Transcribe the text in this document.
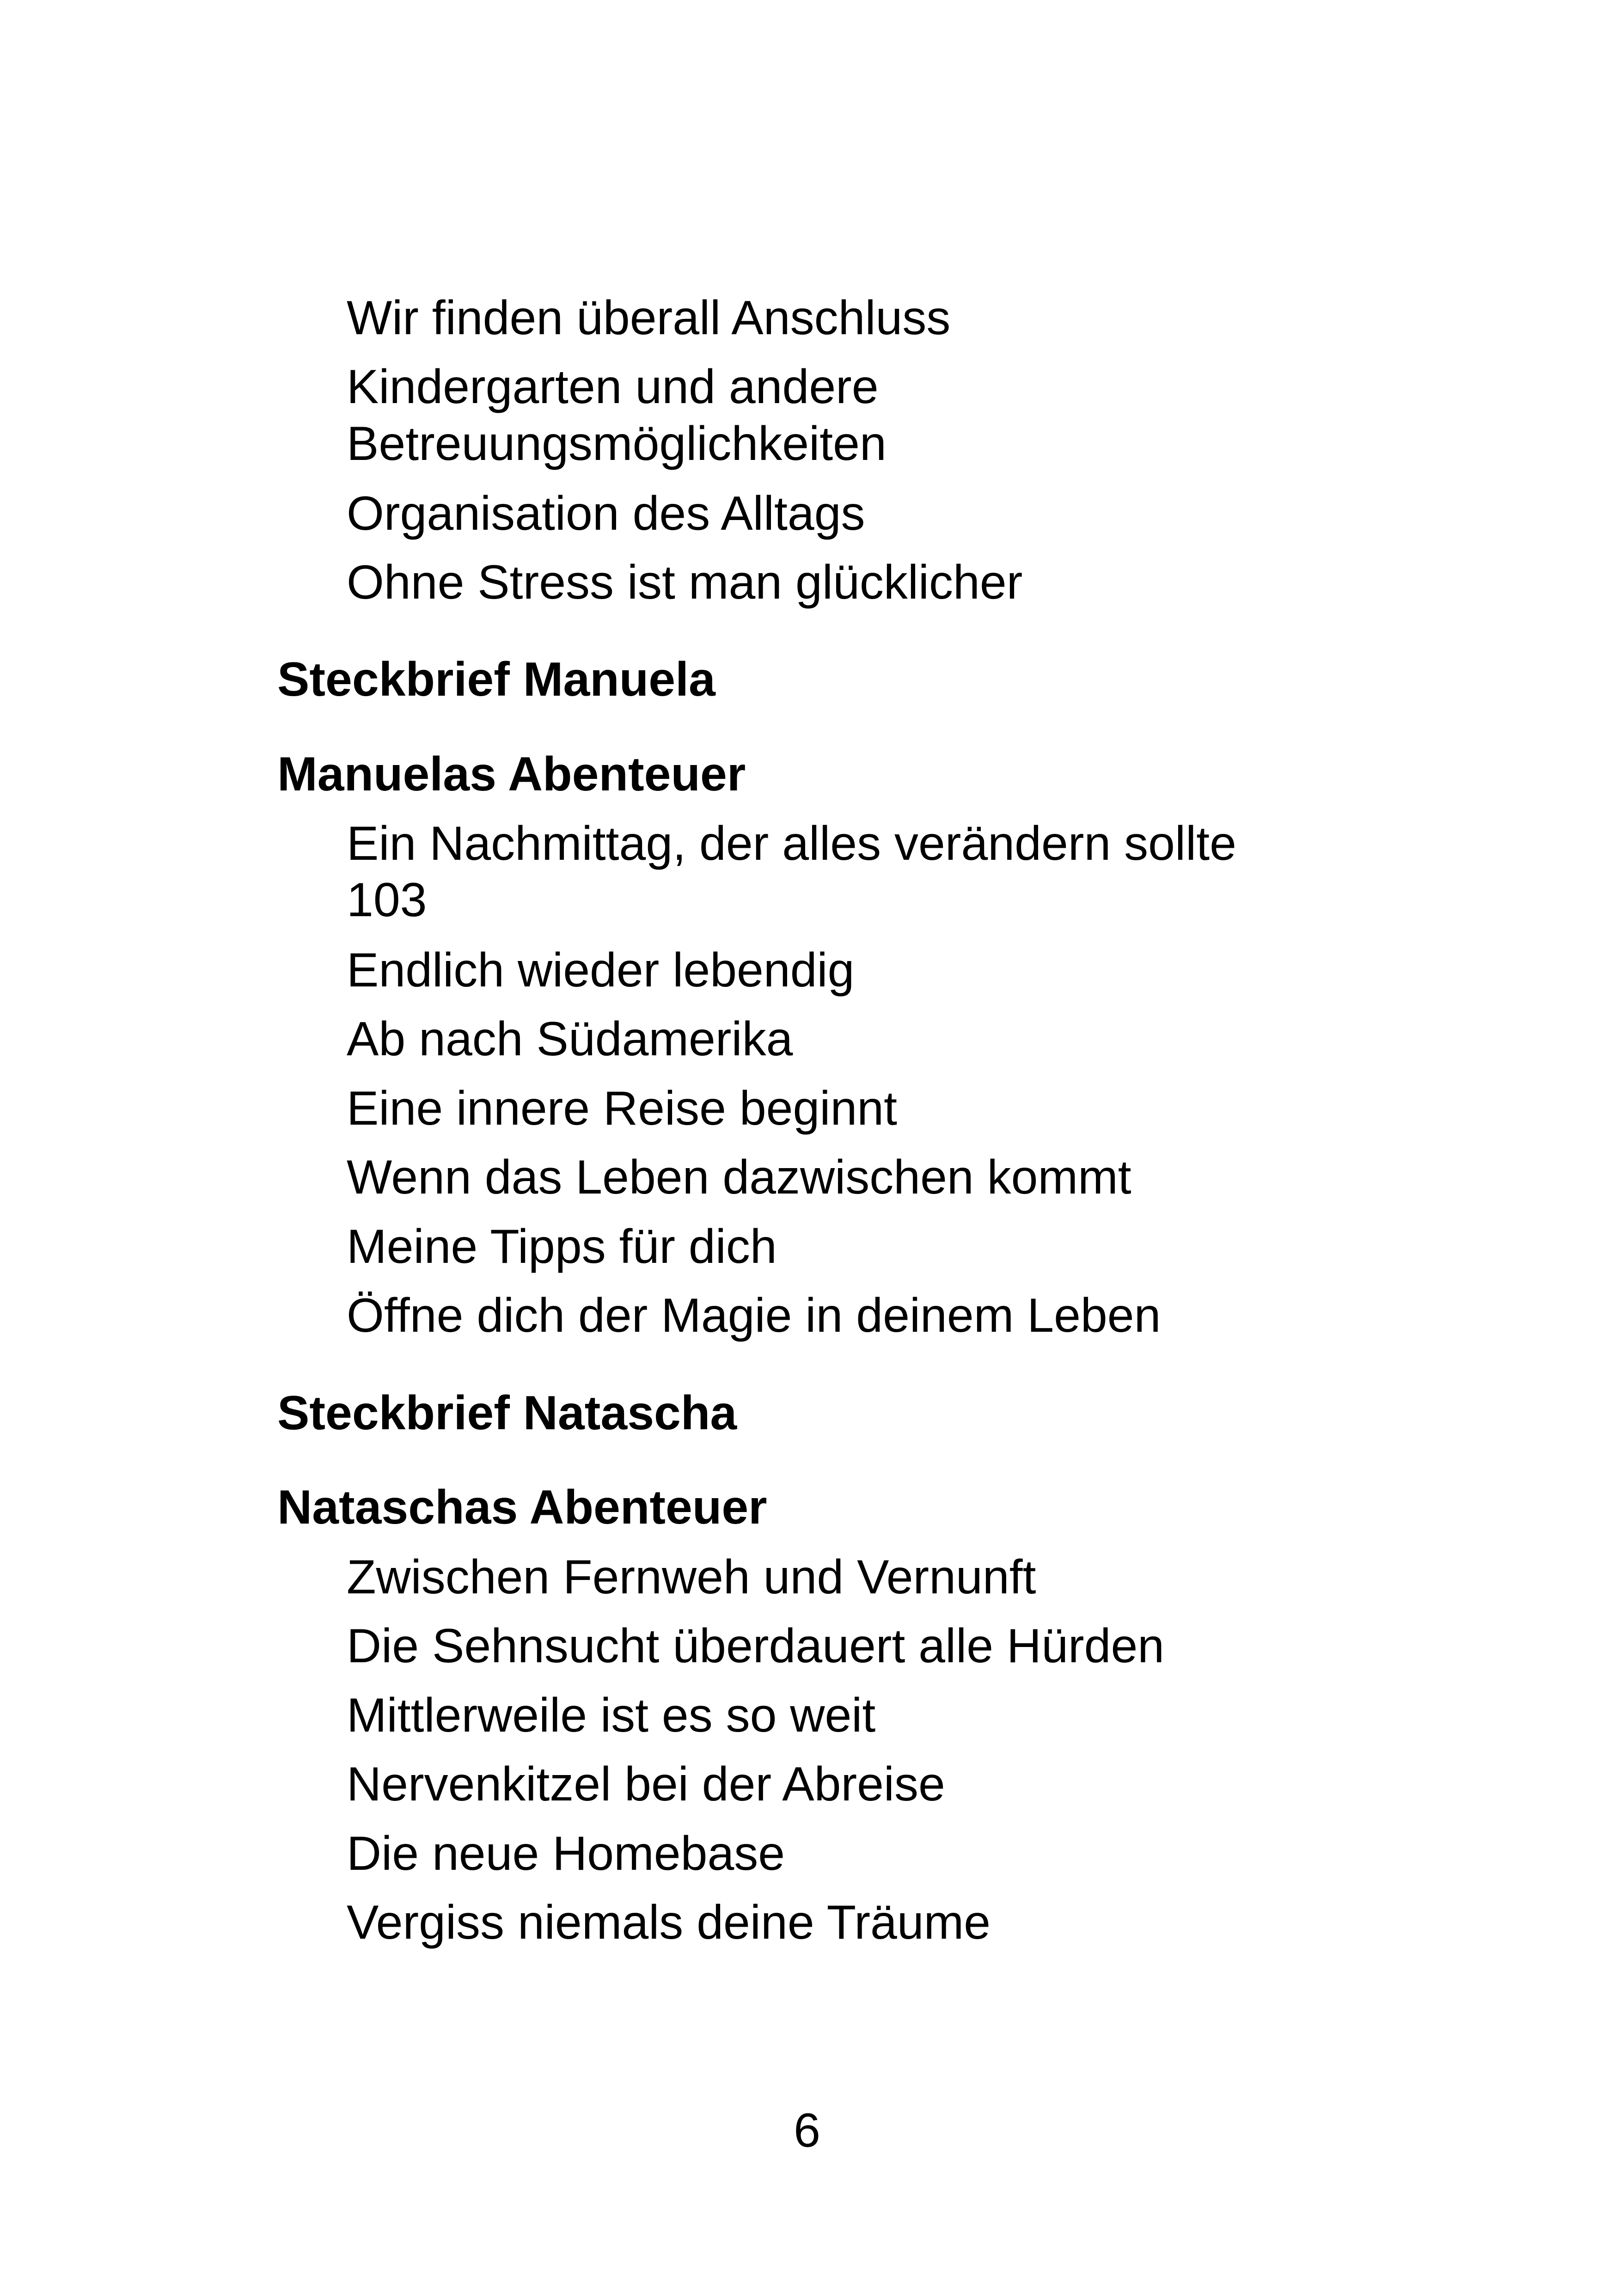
Wir finden überall Anschluss
Kindergarten und andere
Betreuungsmöglichkeiten
Organisation des Alltags
Ohne Stress ist man glücklicher
Steckbrief Manuela
Manuelas Abenteuer
Ein Nachmittag, der alles verändern sollte
103
Endlich wieder lebendig
Ab nach Südamerika
Eine innere Reise beginnt
Wenn das Leben dazwischen kommt
Meine Tipps für dich
Öffne dich der Magie in deinem Leben
Steckbrief Natascha
Nataschas Abenteuer
Zwischen Fernweh und Vernunft
Die Sehnsucht überdauert alle Hürden
Mittlerweile ist es so weit
Nervenkitzel bei der Abreise
Die neue Homebase
Vergiss niemals deine Träume
6
